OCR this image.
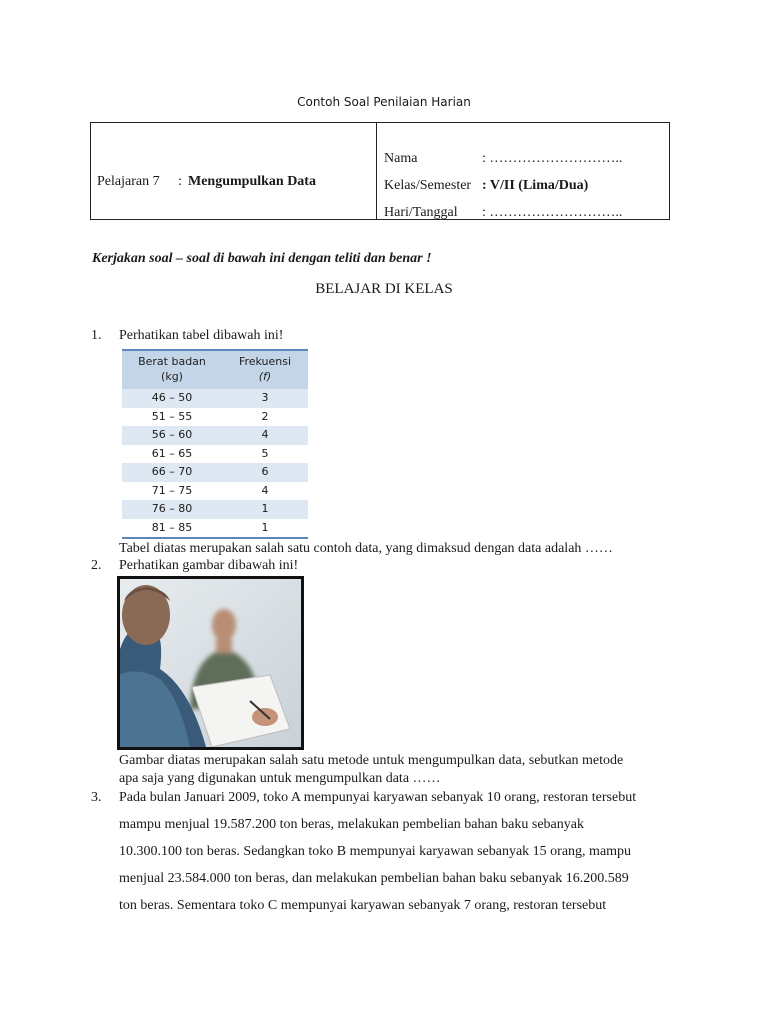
Contoh Soal Penilaian Harian
Pelajaran 7 : Mengumpulkan Data
Nama	: ………………………..
Kelas/Semester : V/II (Lima/Dua)
Hari/Tanggal : ………………………..
Kerjakan soal – soal di bawah ini dengan teliti dan benar !
BELAJAR DI KELAS
1. Perhatikan tabel dibawah ini!
Berat badan
(kg)
Frekuensi
(f)
46 – 50	3
51 – 55	2
56 – 60	4
61 – 65	5
66 – 70	6
71 – 75	4
76 – 80	1
81 – 85	1
Tabel diatas merupakan salah satu contoh data, yang dimaksud dengan data adalah ……
2. Perhatikan gambar dibawah ini!
Gambar diatas merupakan salah satu metode untuk mengumpulkan data, sebutkan metode
apa saja yang digunakan untuk mengumpulkan data ……
3. Pada bulan Januari 2009, toko A mempunyai karyawan sebanyak 10 orang, restoran tersebut
mampu menjual 19.587.200 ton beras, melakukan pembelian bahan baku sebanyak
10.300.100 ton beras. Sedangkan toko B mempunyai karyawan sebanyak 15 orang, mampu
menjual 23.584.000 ton beras, dan melakukan pembelian bahan baku sebanyak 16.200.589
ton beras. Sementara toko C mempunyai karyawan sebanyak 7 orang, restoran tersebut
